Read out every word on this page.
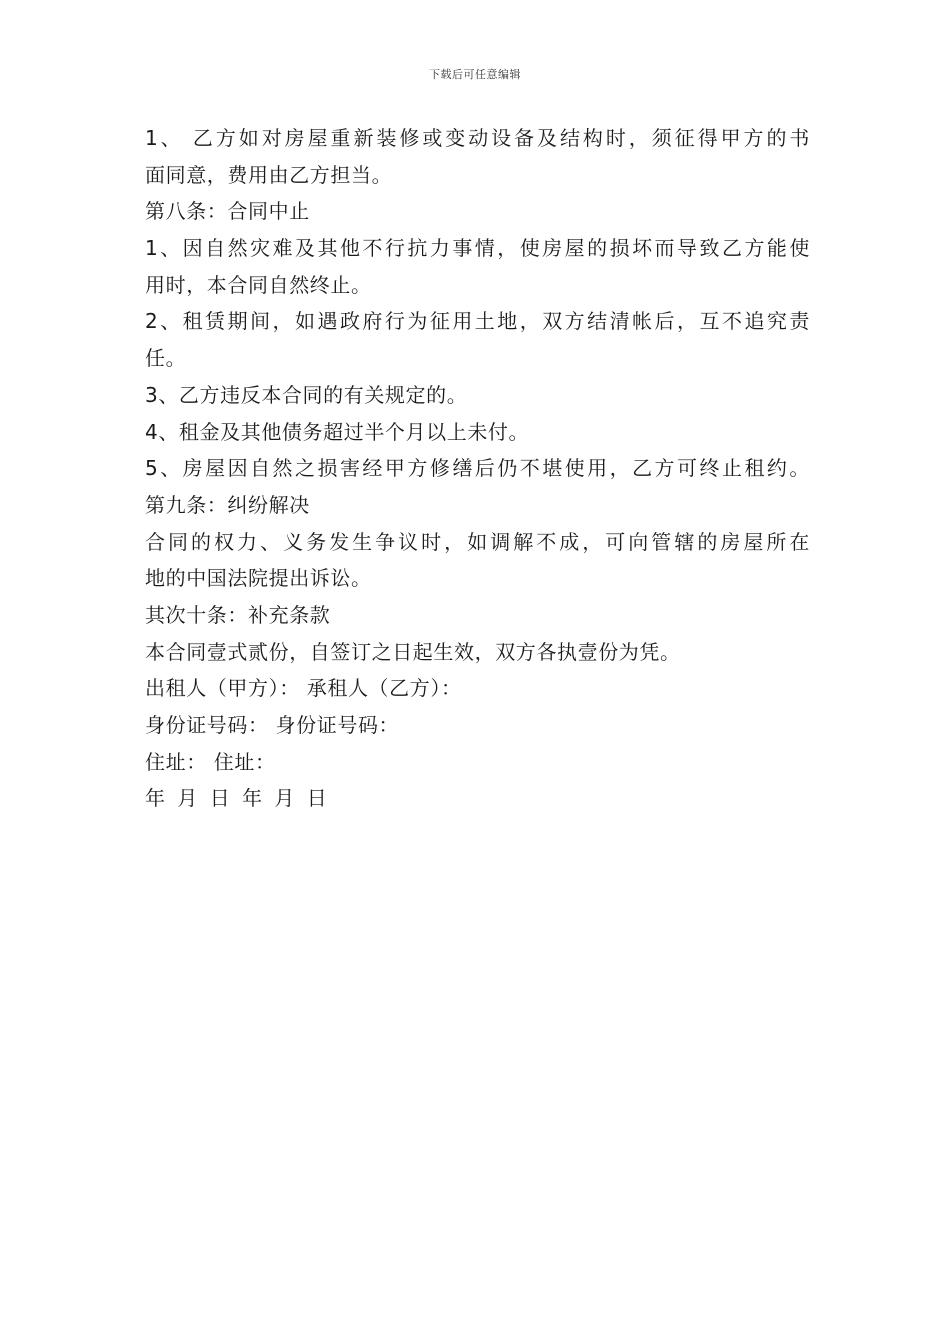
下载后可任意编辑
1、 乙方如对房屋重新装修或变动设备及结构时，须征得甲方的书
面同意，费用由乙方担当。
第八条：合同中止
1、因自然灾难及其他不行抗力事情，使房屋的损坏而导致乙方能使
用时，本合同自然终止。
2、租赁期间，如遇政府行为征用土地，双方结清帐后，互不追究责
任。
3、乙方违反本合同的有关规定的。
4、租金及其他债务超过半个月以上未付。
5、房屋因自然之损害经甲方修缮后仍不堪使用，乙方可终止租约。
第九条：纠纷解决
合同的权力、义务发生争议时，如调解不成，可向管辖的房屋所在
地的中国法院提出诉讼。
其次十条：补充条款
本合同壹式贰份，自签订之日起生效，双方各执壹份为凭。
出租人（甲方）： 承租人（乙方）：
身份证号码： 身份证号码：
住址： 住址：
年 月 日 年 月 日
